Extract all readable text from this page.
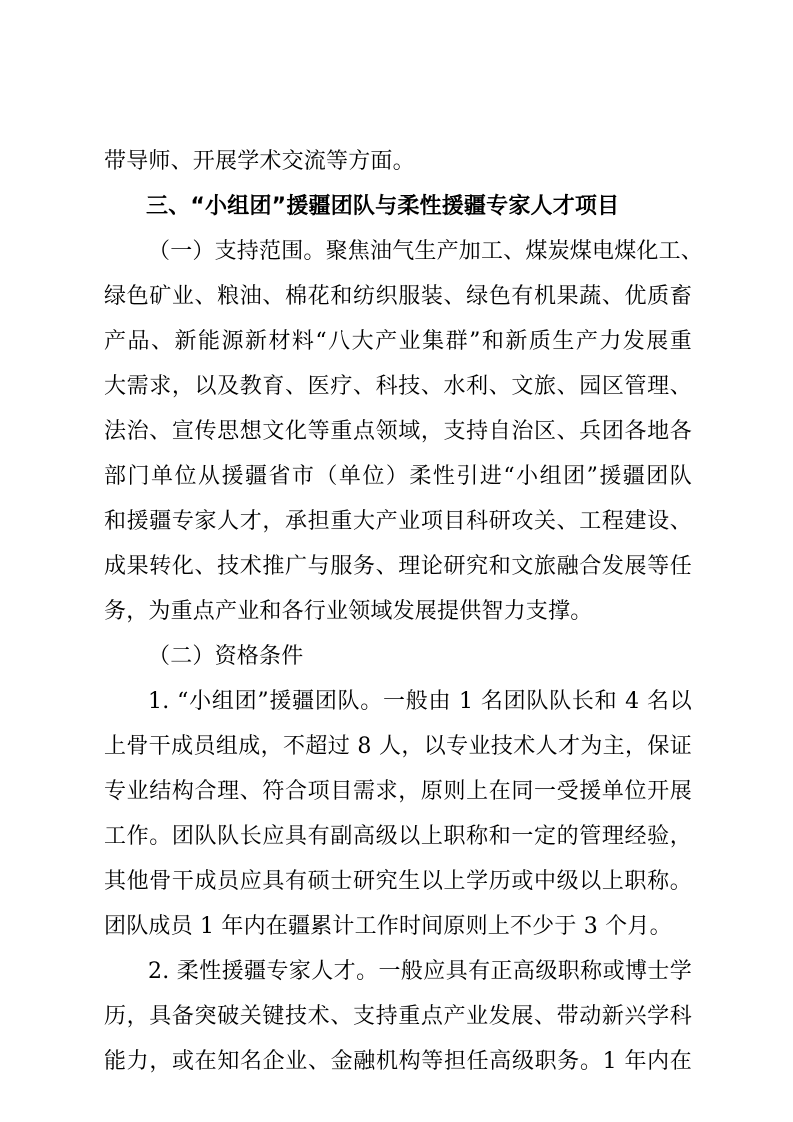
带导师、开展学术交流等方面。
三、“小组团”援疆团队与柔性援疆专家人才项目
（一）支持范围。聚焦油气生产加工、煤炭煤电煤化工、
绿色矿业、粮油、棉花和纺织服装、绿色有机果蔬、优质畜
产品、新能源新材料“八大产业集群”和新质生产力发展重
大需求，以及教育、医疗、科技、水利、文旅、园区管理、
法治、宣传思想文化等重点领域，支持自治区、兵团各地各
部门单位从援疆省市（单位）柔性引进“小组团”援疆团队
和援疆专家人才，承担重大产业项目科研攻关、工程建设、
成果转化、技术推广与服务、理论研究和文旅融合发展等任
务，为重点产业和各行业领域发展提供智力支撑。
（二）资格条件
1. “小组团”援疆团队。一般由 1 名团队队长和 4 名以
上骨干成员组成，不超过 8 人，以专业技术人才为主，保证
专业结构合理、符合项目需求，原则上在同一受援单位开展
工作。团队队长应具有副高级以上职称和一定的管理经验，
其他骨干成员应具有硕士研究生以上学历或中级以上职称。
团队成员 1 年内在疆累计工作时间原则上不少于 3 个月。
2. 柔性援疆专家人才。一般应具有正高级职称或博士学
历，具备突破关键技术、支持重点产业发展、带动新兴学科
能力，或在知名企业、金融机构等担任高级职务。1 年内在
